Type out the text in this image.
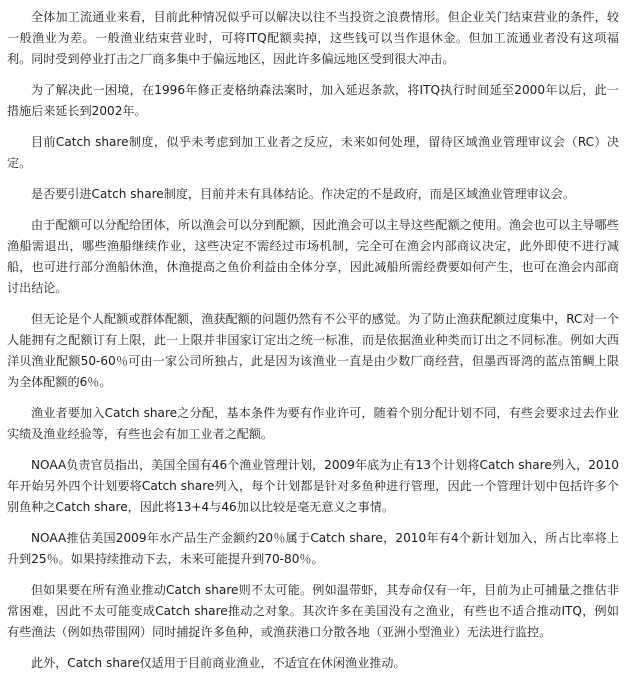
全体加工流通业来看，目前此种情况似乎可以解决以往不当投资之浪费情形。但企业关门结束营业的条件，较一般渔业为差。一般渔业结束营业时，可将ITQ配额卖掉，这些钱可以当作退休金。但加工流通业者没有这项福利。同时受到停业打击之厂商多集中于偏远地区，因此许多偏远地区受到很大冲击。

为了解决此一困境，在1996年修正麦格纳森法案时，加入延迟条款，将ITQ执行时间延至2000年以后，此一措施后来延长到2002年。

目前Catch share制度，似乎未考虑到加工业者之反应，未来如何处理，留待区域渔业管理审议会（RC）决定。

是否要引进Catch share制度，目前并未有具体结论。作决定的不是政府，而是区域渔业管理审议会。

由于配额可以分配给团体，所以渔会可以分到配额，因此渔会可以主导这些配额之使用。渔会也可以主导哪些渔船需退出，哪些渔船继续作业，这些决定不需经过市场机制，完全可在渔会内部商议决定，此外即使不进行减船，也可进行部分渔船休渔，休渔提高之鱼价利益由全体分享，因此减船所需经费要如何产生，也可在渔会内部商讨出结论。

但无论是个人配额或群体配额，渔获配额的问题仍然有不公平的感觉。为了防止渔获配额过度集中，RC对一个人能拥有之配额订有上限，此一上限并非国家订定出之统一标准，而是依据渔业种类而订出之不同标准。例如大西洋贝渔业配额50-60％可由一家公司所独占，此是因为该渔业一直是由少数厂商经营，但墨西哥湾的蓝点笛鲷上限为全体配额的6％。

渔业者要加入Catch share之分配，基本条件为要有作业许可，随着个别分配计划不同，有些会要求过去作业实绩及渔业经验等，有些也会有加工业者之配额。

NOAA负责官员指出，美国全国有46个渔业管理计划，2009年底为止有13个计划将Catch share列入，2010年开始另外四个计划要将Catch share列入，每个计划都是针对多鱼种进行管理，因此一个管理计划中包括许多个别鱼种之Catch share，因此将13+4与46加以比较是毫无意义之事情。

NOAA推估美国2009年水产品生产金额约20％属于Catch share，2010年有4个新计划加入，所占比率将上升到25％。如果持续推动下去，未来可能提升到70-80％。

但如果要在所有渔业推动Catch share则不太可能。例如温带虾，其寿命仅有一年，目前为止可捕量之推估非常困难，因此不太可能变成Catch share推动之对象。其次许多在美国没有之渔业，有些也不适合推动ITQ，例如有些渔法（例如热带围网）同时捕捉许多鱼种，或渔获港口分散各地（亚洲小型渔业）无法进行监控。

此外，Catch share仅适用于目前商业渔业，不适宜在休闲渔业推动。
